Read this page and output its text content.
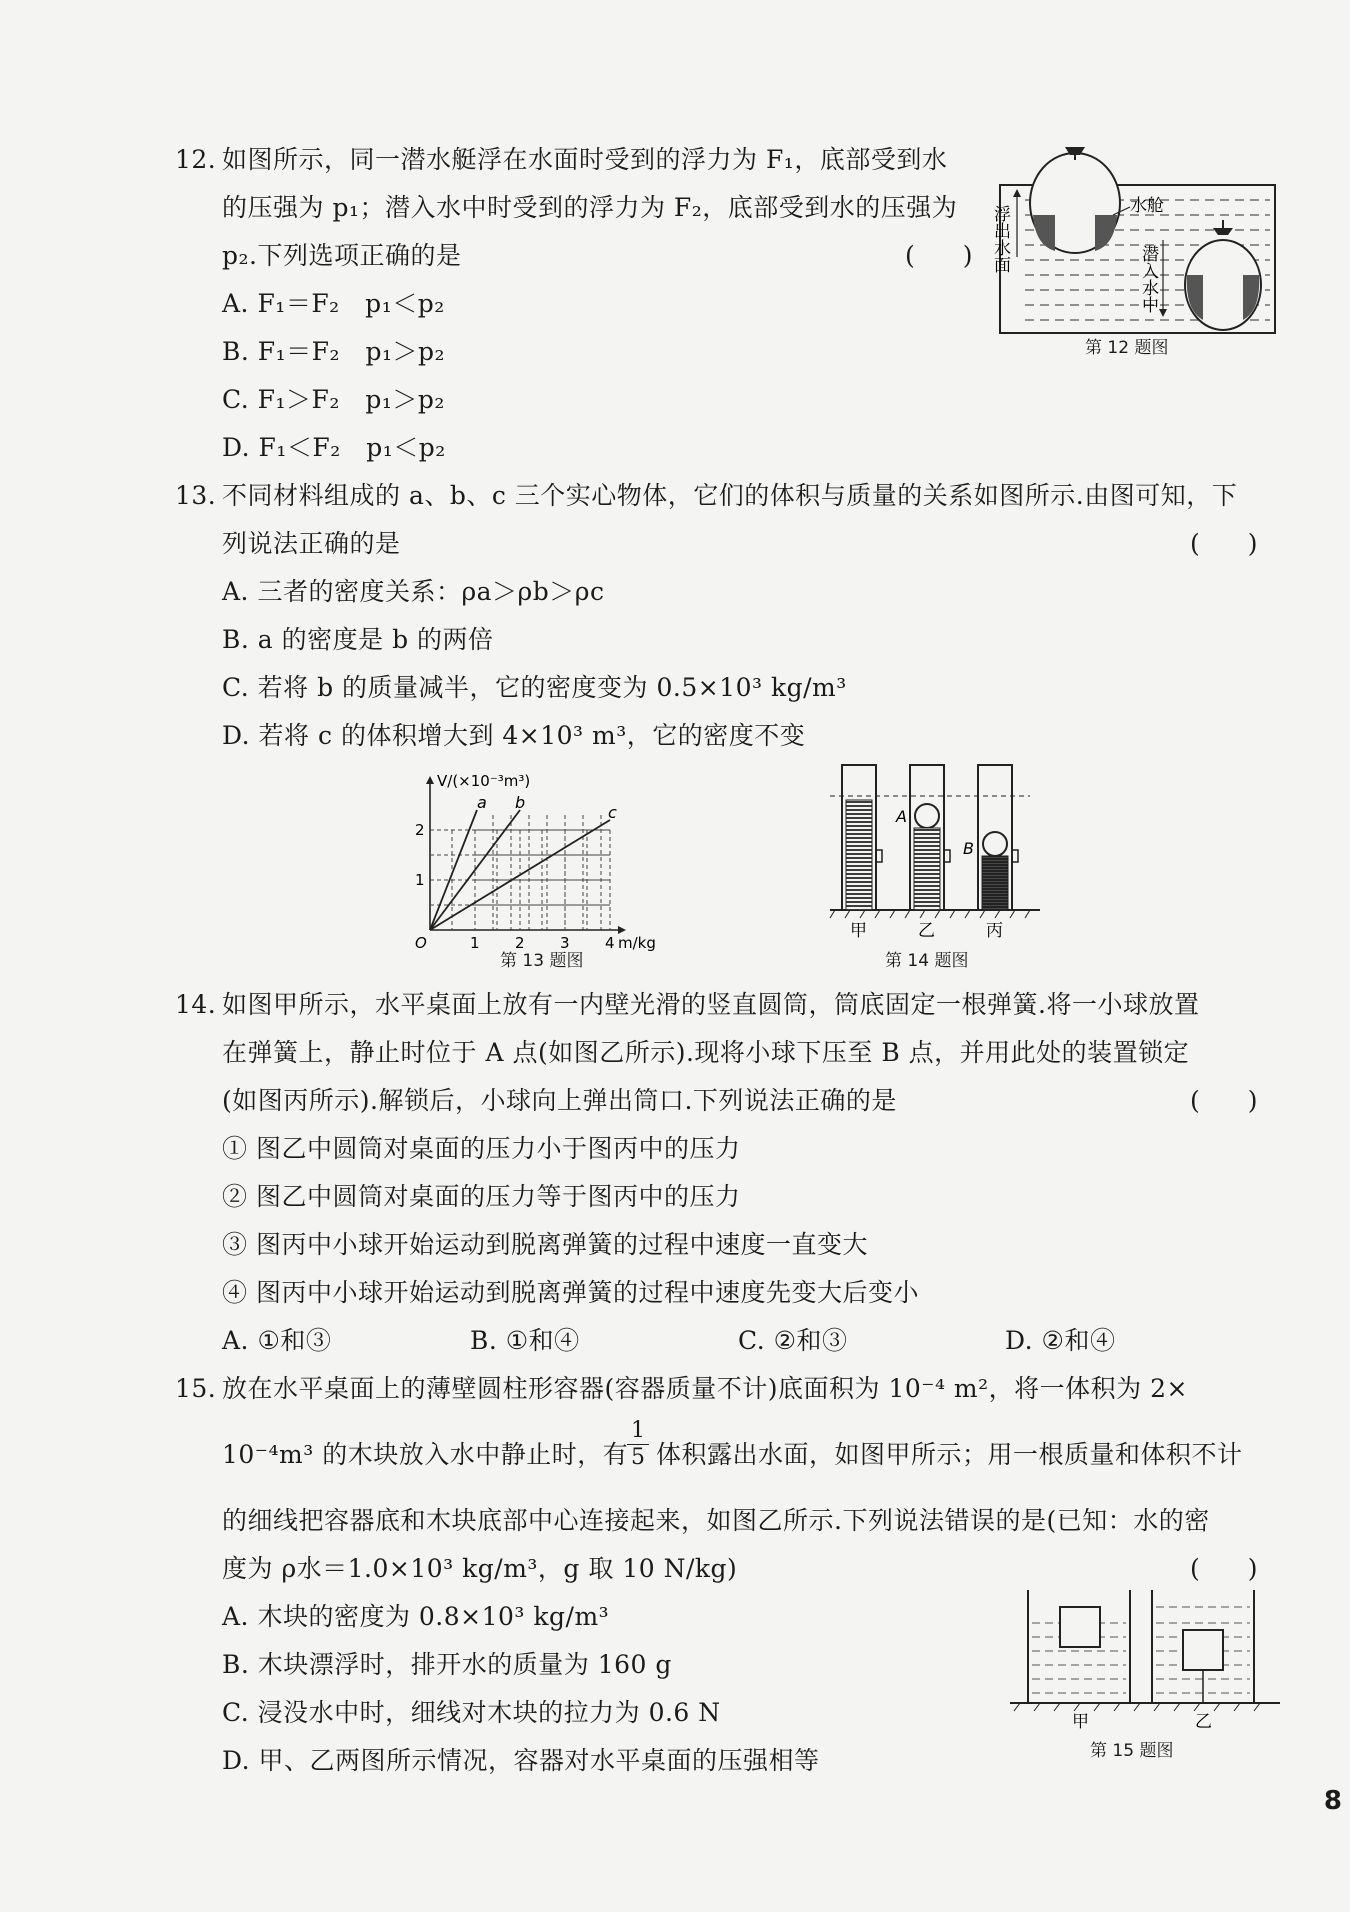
12. 如图所示，同一潜水艇浮在水面时受到的浮力为 F₁，底部受到水
的压强为 p₁；潜入水中时受到的浮力为 F₂，底部受到水的压强为
p₂.下列选项正确的是	( )
A. F₁＝F₂　p₁＜p₂
B. F₁＝F₂　p₁＞p₂
C. F₁＞F₂　p₁＞p₂
D. F₁＜F₂　p₁＜p₂
浮出水面	水舱
潜入水中
第 12 题图
13. 不同材料组成的 a、b、c 三个实心物体，它们的体积与质量的关系如图所示.由图可知，下
列说法正确的是	( )
A. 三者的密度关系：ρa＞ρb＞ρc
B. a 的密度是 b 的两倍
C. 若将 b 的质量减半，它的密度变为 0.5×10³ kg/m³
D. 若将 c 的体积增大到 4×10³ m³，它的密度不变
a b
c
V/(×10⁻³m³)
m/kg
O	1 2 3 4
1
2
第 13 题图
A
B
甲	乙	丙
第 14 题图
14. 如图甲所示，水平桌面上放有一内壁光滑的竖直圆筒，筒底固定一根弹簧.将一小球放置
在弹簧上，静止时位于 A 点(如图乙所示).现将小球下压至 B 点，并用此处的装置锁定
(如图丙所示).解锁后，小球向上弹出筒口.下列说法正确的是	( )
① 图乙中圆筒对桌面的压力小于图丙中的压力
② 图乙中圆筒对桌面的压力等于图丙中的压力
③ 图丙中小球开始运动到脱离弹簧的过程中速度一直变大
④ 图丙中小球开始运动到脱离弹簧的过程中速度先变大后变小
A. ①和③	B. ①和④	C. ②和③	D. ②和④
15. 放在水平桌面上的薄壁圆柱形容器(容器质量不计)底面积为 10⁻⁴ m²，将一体积为 2×
10⁻⁴m³ 的木块放入水中静止时，有
$\frac{1}{5}$ 体积露出水面，如图甲所示；用一根质量和体积不计
的细线把容器底和木块底部中心连接起来，如图乙所示.下列说法错误的是(已知：水的密
度为 ρ水＝1.0×10³ kg/m³，g 取 10 N/kg)	( )
A. 木块的密度为 0.8×10³ kg/m³
B. 木块漂浮时，排开水的质量为 160 g
C. 浸没水中时，细线对木块的拉力为 0.6 N
D. 甲、乙两图所示情况，容器对水平桌面的压强相等
甲	乙
第 15 题图
8
